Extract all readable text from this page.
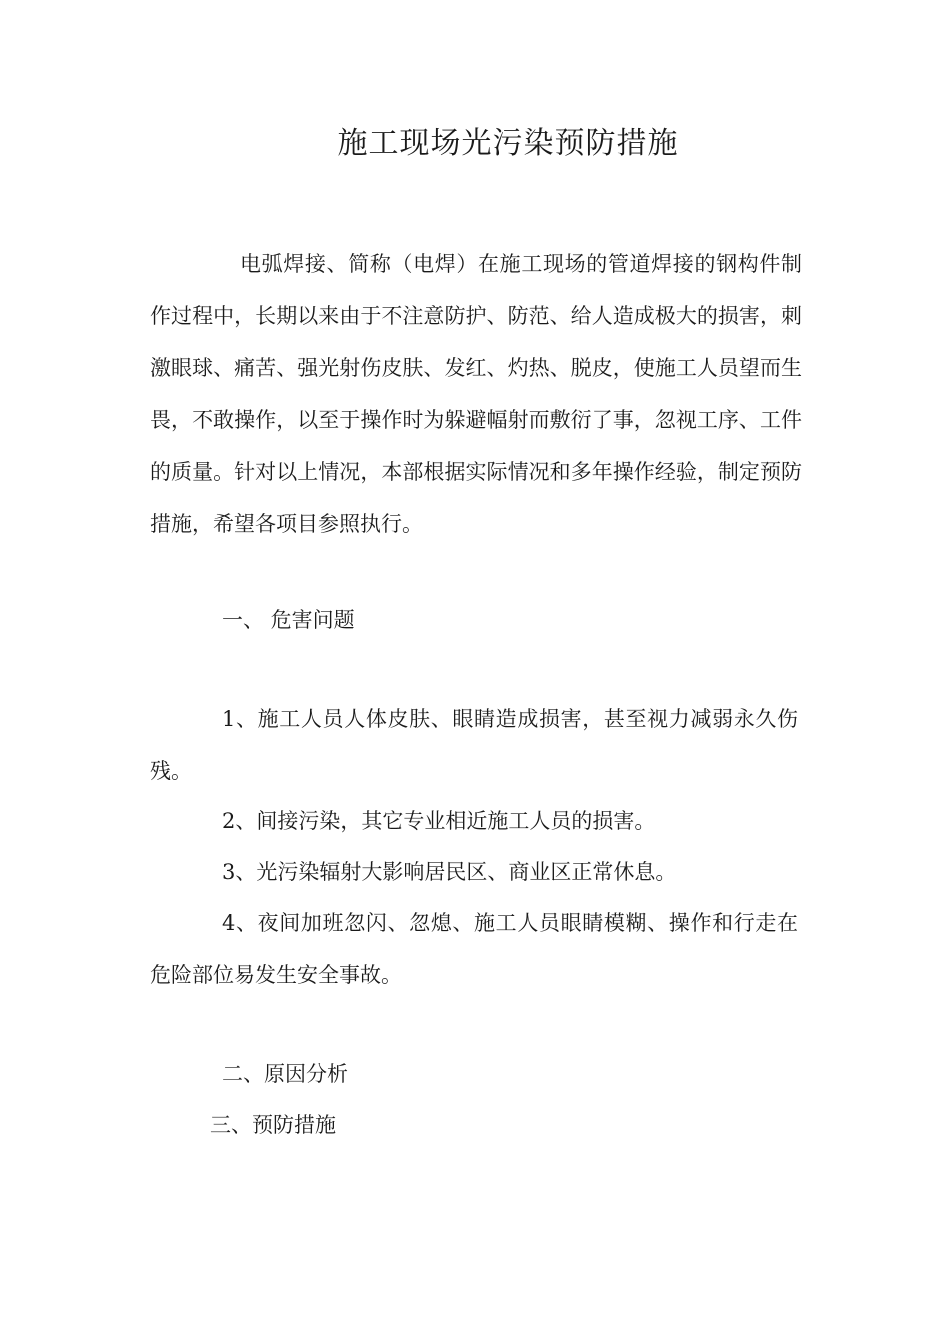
施工现场光污染预防措施

电弧焊接、简称（电焊）在施工现场的管道焊接的钢构件制作过程中，长期以来由于不注意防护、防范、给人造成极大的损害，刺激眼球、痛苦、强光射伤皮肤、发红、灼热、脱皮，使施工人员望而生畏，不敢操作，以至于操作时为躲避幅射而敷衍了事，忽视工序、工件的质量。针对以上情况，本部根据实际情况和多年操作经验，制定预防措施，希望各项目参照执行。

一、 危害问题

1、施工人员人体皮肤、眼睛造成损害，甚至视力减弱永久伤残。

2、间接污染，其它专业相近施工人员的损害。

3、光污染辐射大影响居民区、商业区正常休息。

4、夜间加班忽闪、忽熄、施工人员眼睛模糊、操作和行走在危险部位易发生安全事故。

二、原因分析

三、预防措施
